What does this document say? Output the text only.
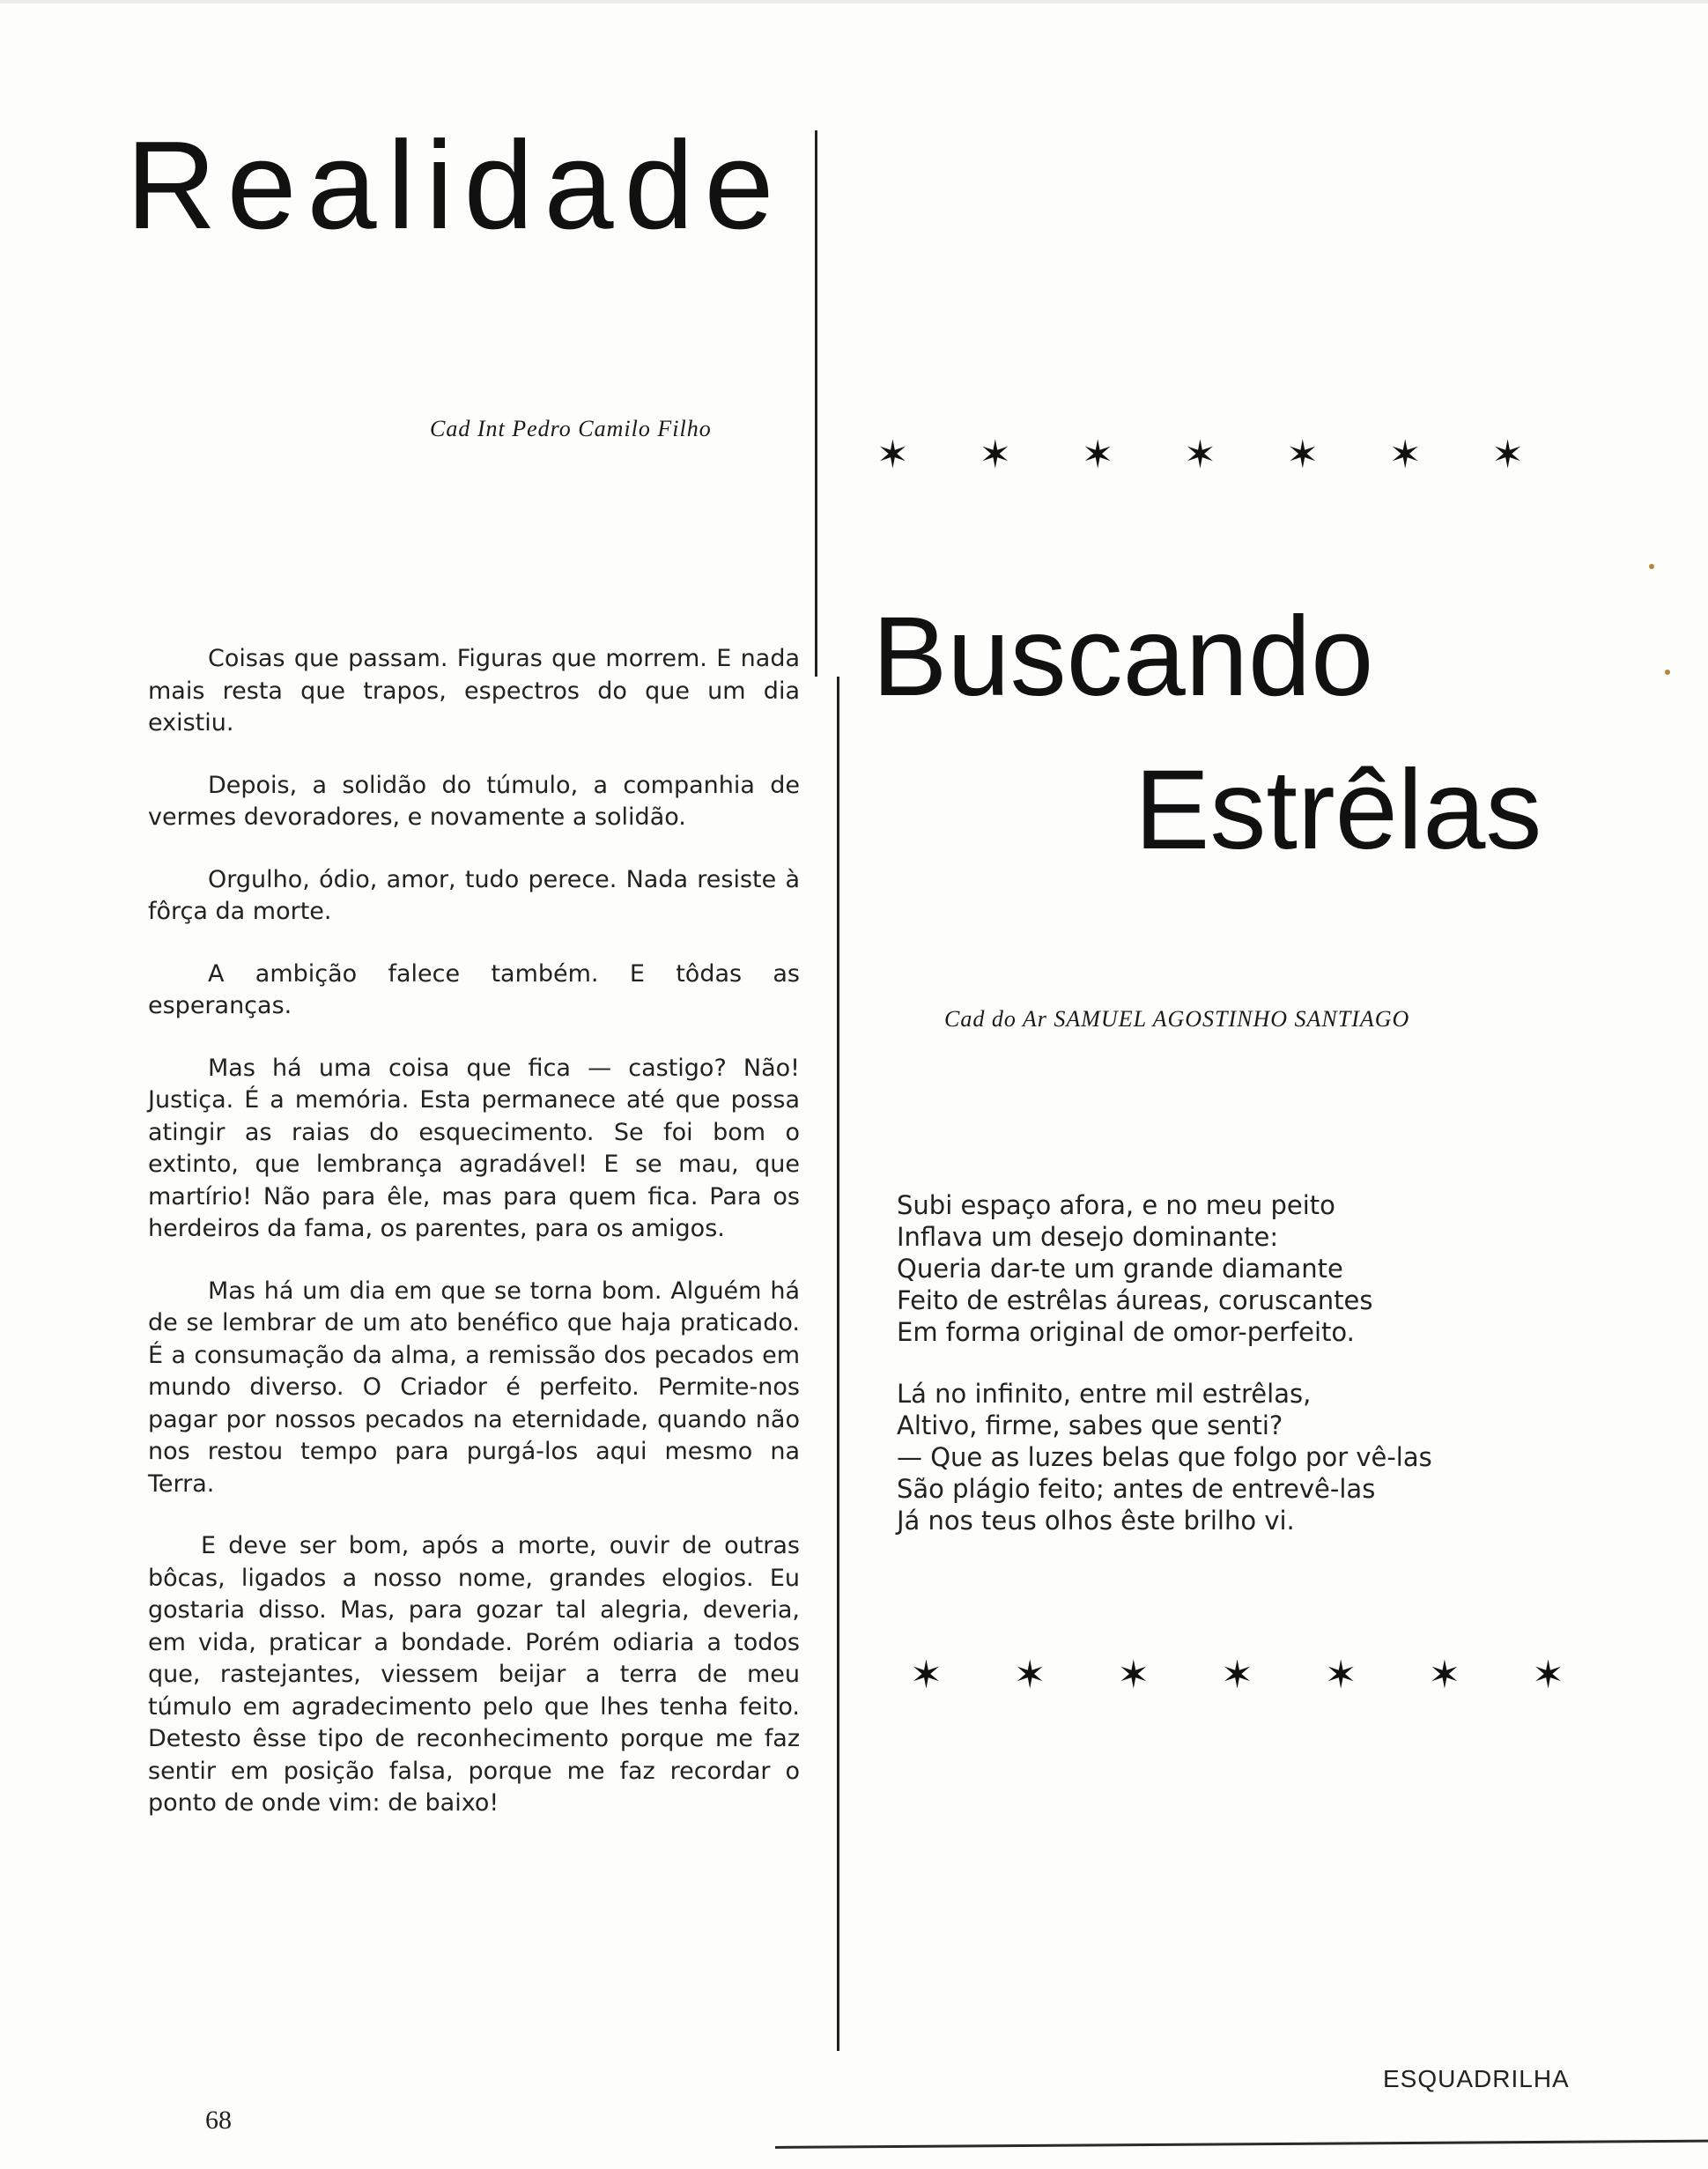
Realidade
Cad Int Pedro Camilo Filho

Coisas que passam. Figuras que morrem. E nada mais resta que trapos, espectros do que um dia existiu.

Depois, a solidão do túmulo, a companhia de vermes devoradores, e novamente a solidão.

Orgulho, ódio, amor, tudo perece. Nada resiste à fôrça da morte.

A ambição falece também. E tôdas as esperanças.

Mas há uma coisa que fica — castigo? Não! Justiça. É a memória. Esta permanece até que possa atingir as raias do esquecimento. Se foi bom o extinto, que lembrança agradável! E se mau, que martírio! Não para êle, mas para quem fica. Para os herdeiros da fama, os parentes, para os amigos.

Mas há um dia em que se torna bom. Alguém há de se lembrar de um ato benéfico que haja praticado. É a consumação da alma, a remissão dos pecados em mundo diverso. O Criador é perfeito. Permite-nos pagar por nossos pecados na eternidade, quando não nos restou tempo para purgá-los aqui mesmo na Terra.

E deve ser bom, após a morte, ouvir de outras bôcas, ligados a nosso nome, grandes elogios. Eu gostaria disso. Mas, para gozar tal alegria, deveria, em vida, praticar a bondade. Porém odiaria a todos que, rastejantes, viessem beijar a terra de meu túmulo em agradecimento pelo que lhes tenha feito. Detesto êsse tipo de reconhecimento porque me faz sentir em posição falsa, porque me faz recordar o ponto de onde vim: de baixo!

✶ ✶ ✶ ✶ ✶ ✶ ✶
Buscando
Estrêlas
Cad do Ar SAMUEL AGOSTINHO SANTIAGO
Subi espaço afora, e no meu peito
Inflava um desejo dominante:
Queria dar-te um grande diamante
Feito de estrêlas áureas, coruscantes
Em forma original de omor-perfeito.
Lá no infinito, entre mil estrêlas,
Altivo, firme, sabes que senti?
— Que as luzes belas que folgo por vê-las
São plágio feito; antes de entrevê-las
Já nos teus olhos êste brilho vi.
✶ ✶ ✶ ✶ ✶ ✶ ✶
ESQUADRILHA
68
